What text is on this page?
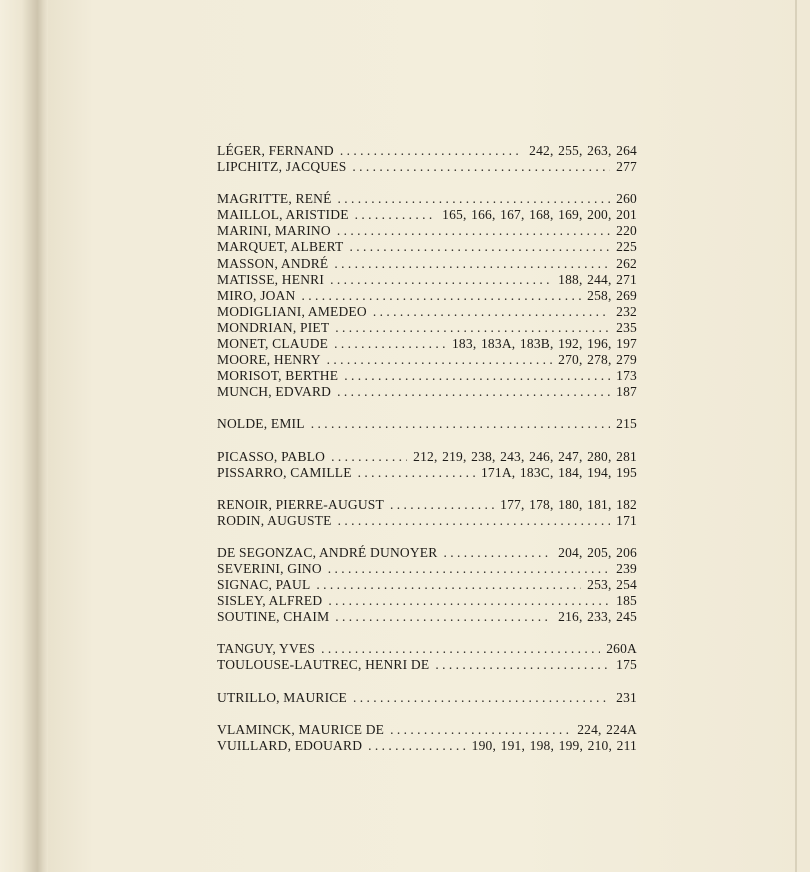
LÉGER, FERNAND . . .	242, 255, 263, 264
LIPCHITZ, JACQUES . . .	277
MAGRITTE, RENÉ . . .	260
MAILLOL, ARISTIDE . . .	165, 166, 167, 168, 169, 200, 201
MARINI, MARINO . . .	220
MARQUET, ALBERT . . .	225
MASSON, ANDRÉ . . .	262
MATISSE, HENRI . . .	188, 244, 271
MIRO, JOAN . . .	258, 269
MODIGLIANI, AMEDEO . . .	232
MONDRIAN, PIET . . .	235
MONET, CLAUDE . . .	183, 183A, 183B, 192, 196, 197
MOORE, HENRY . . .	270, 278, 279
MORISOT, BERTHE . . .	173
MUNCH, EDVARD . . .	187
NOLDE, EMIL . . .	215
PICASSO, PABLO . . .	212, 219, 238, 243, 246, 247, 280, 281
PISSARRO, CAMILLE . . .	171A, 183C, 184, 194, 195
RENOIR, PIERRE-AUGUST . . .	177, 178, 180, 181, 182
RODIN, AUGUSTE . . .	171
DE SEGONZAC, ANDRÉ DUNOYER . . .	204, 205, 206
SEVERINI, GINO . . .	239
SIGNAC, PAUL . . .	253, 254
SISLEY, ALFRED . . .	185
SOUTINE, CHAIM . . .	216, 233, 245
TANGUY, YVES . . .	260A
TOULOUSE-LAUTREC, HENRI DE . . .	175
UTRILLO, MAURICE . . .	231
VLAMINCK, MAURICE DE . . .	224, 224A
VUILLARD, EDOUARD . . .	190, 191, 198, 199, 210, 211
